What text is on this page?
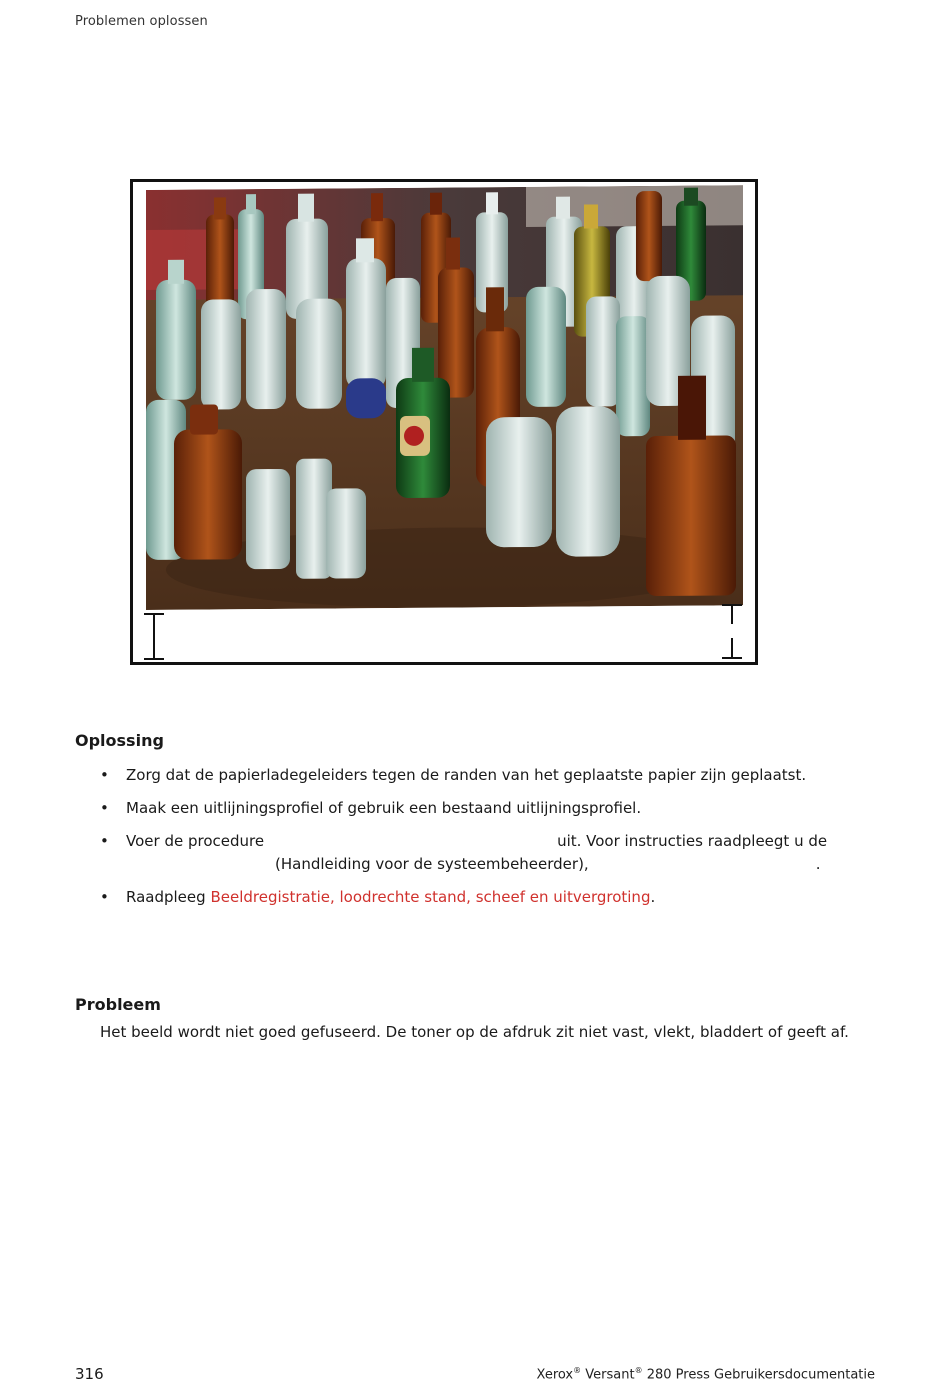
Problemen oplossen
Oplossing
• Zorg dat de papierladegeleiders tegen de randen van het geplaatste papier zijn geplaatst.
• Maak een uitlijningsprofiel of gebruik een bestaand uitlijningsprofiel.
• Voer de procedure	uit. Voor instructies raadpleegt u de
(Handleiding voor de systeembeheerder),	.
• Raadpleeg Beeldregistratie, loodrechte stand, scheef en uitvergroting.
Probleem
Het beeld wordt niet goed gefuseerd. De toner op de afdruk zit niet vast, vlekt, bladdert of geeft af.
316	Xerox® Versant® 280 Press Gebruikersdocumentatie
